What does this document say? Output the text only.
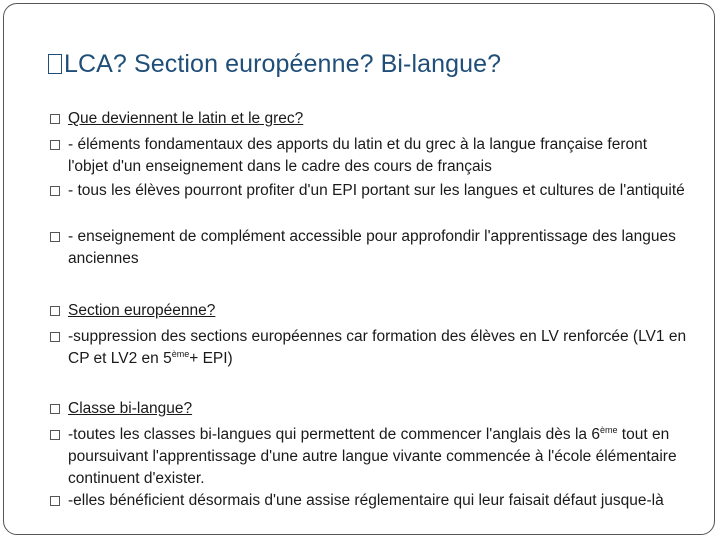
LCA? Section européenne? Bi-langue?
Que deviennent le latin et le grec?
- éléments fondamentaux des apports du latin et du grec à la langue française feront l'objet d'un enseignement dans le cadre des cours de français
- tous les élèves pourront profiter d'un EPI portant sur les langues et cultures de l'antiquité
- enseignement de complément accessible pour approfondir l'apprentissage des langues anciennes
Section européenne?
-suppression des sections européennes car formation des élèves en LV renforcée (LV1 en CP et LV2 en 5ème+ EPI)
Classe bi-langue?
-toutes les classes bi-langues qui permettent de commencer l'anglais dès la 6ème tout en poursuivant l'apprentissage d'une autre langue vivante commencée à l'école élémentaire continuent d'exister.
-elles bénéficient désormais d'une assise réglementaire qui leur faisait défaut jusque-là
